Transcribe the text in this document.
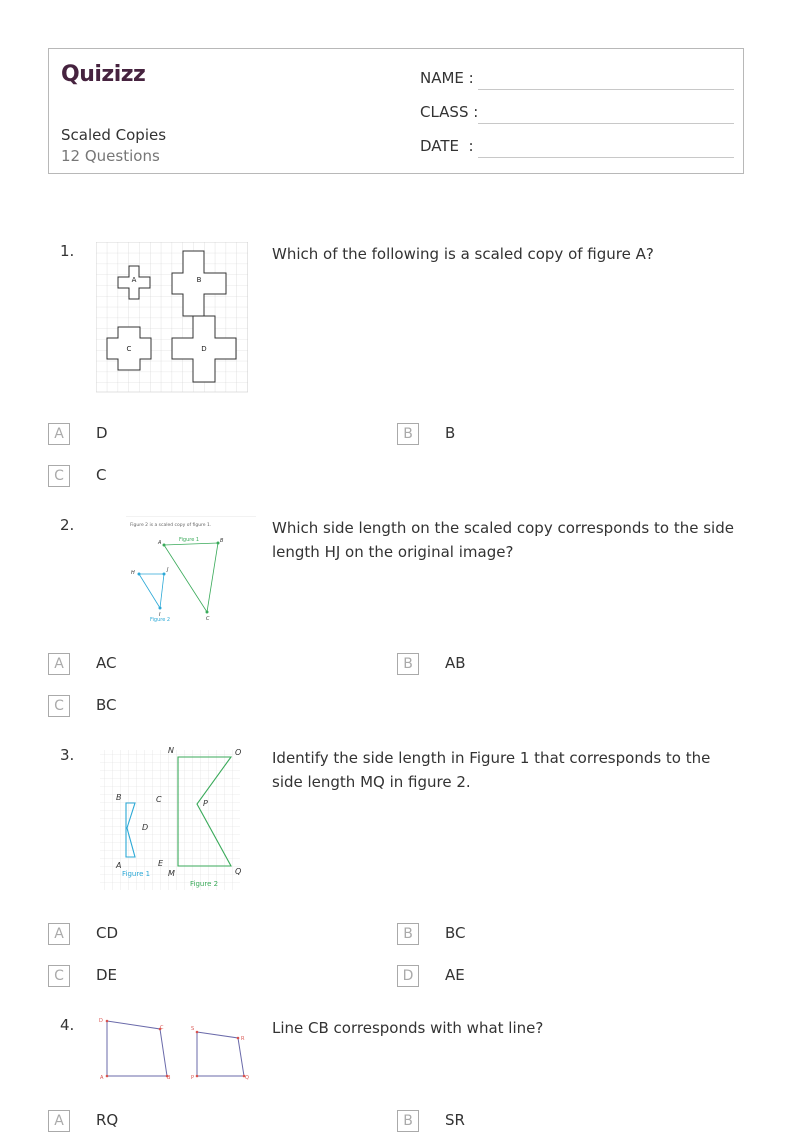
Quizizz
Scaled Copies
12 Questions
NAME :
CLASS :
DATE  :
1.
A	B
C	D
Which of the following is a scaled copy of figure A?
A	D	B	B
C	C
2.	Figure 2 is a scaled copy of figure 1.
Figure 1
A	B
C
H	J
I
Figure 2
Which side length on the scaled copy corresponds to the side length HJ on the original image?
A	AC	B	AB
C	BC
3.
B	C
D
A	E
Figure 1
N	O
P
M	Q
Figure 2
Identify the side length in Figure 1 that corresponds to the side length MQ in figure 2.
A	CD	B	BC
C	DE	D	AE
4.	D
C
A	B
S
R
P	Q
Line CB corresponds with what line?
A	RQ	B	SR
